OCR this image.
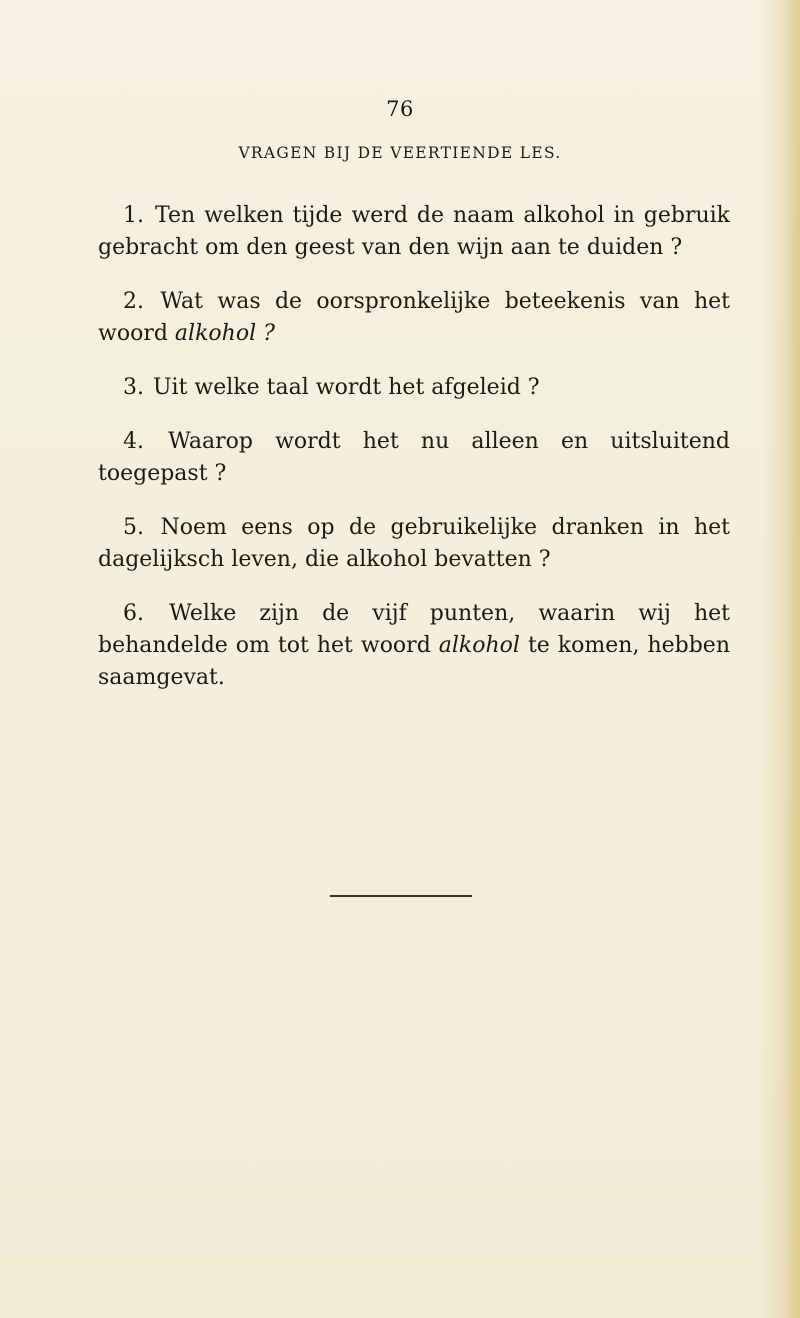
76
VRAGEN BIJ DE VEERTIENDE LES.

1. Ten welken tijde werd de naam alkohol in gebruik gebracht om den geest van den wijn aan te duiden ?

2. Wat was de oorspronkelijke beteekenis van het woord alkohol ?

3. Uit welke taal wordt het afgeleid ?

4. Waarop wordt het nu alleen en uitsluitend toegepast ?

5. Noem eens op de gebruikelijke dranken in het dagelijksch leven, die alkohol bevatten ?

6. Welke zijn de vijf punten, waarin wij het behandelde om tot het woord alkohol te komen, hebben saamgevat.
